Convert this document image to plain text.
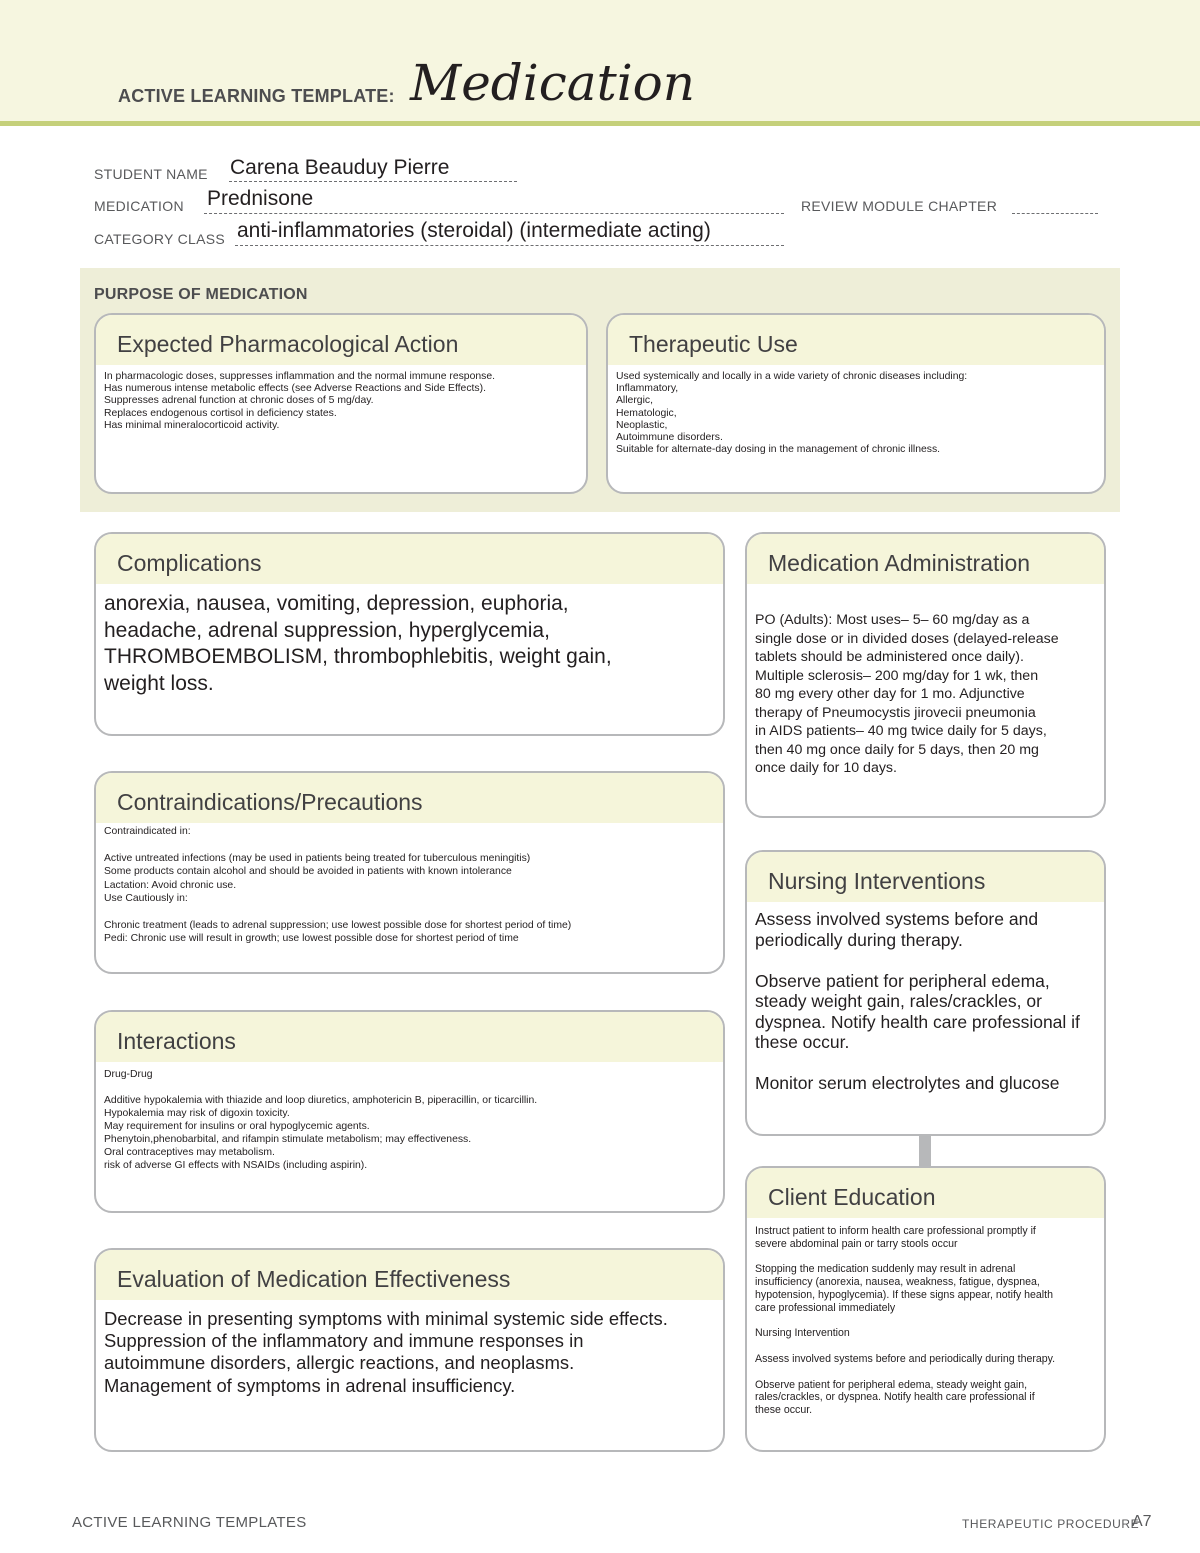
ACTIVE LEARNING TEMPLATE: Medication
STUDENT NAME Carena Beauduy Pierre
MEDICATION Prednisone	REVIEW MODULE CHAPTER
CATEGORY CLASS anti-inflammatories (steroidal) (intermediate acting)
PURPOSE OF MEDICATION
Expected Pharmacological Action
In pharmacologic doses, suppresses inflammation and the normal immune response.
Has numerous intense metabolic effects (see Adverse Reactions and Side Effects).
Suppresses adrenal function at chronic doses of 5 mg/day.
Replaces endogenous cortisol in deficiency states.
Has minimal mineralocorticoid activity.
Therapeutic Use
Used systemically and locally in a wide variety of chronic diseases including:
Inflammatory,
Allergic,
Hematologic,
Neoplastic,
Autoimmune disorders.
Suitable for alternate-day dosing in the management of chronic illness.
Complications
anorexia, nausea, vomiting, depression, euphoria,
headache, adrenal suppression, hyperglycemia,
THROMBOEMBOLISM, thrombophlebitis, weight gain,
weight loss.
Medication Administration
PO (Adults): Most uses– 5– 60 mg/day as a
single dose or in divided doses (delayed-release
tablets should be administered once daily).
Multiple sclerosis– 200 mg/day for 1 wk, then
80 mg every other day for 1 mo. Adjunctive
therapy of Pneumocystis jirovecii pneumonia
in AIDS patients– 40 mg twice daily for 5 days,
then 40 mg once daily for 5 days, then 20 mg
once daily for 10 days.
Contraindications/Precautions
Contraindicated in:

Active untreated infections (may be used in patients being treated for tuberculous meningitis)
Some products contain alcohol and should be avoided in patients with known intolerance
Lactation: Avoid chronic use.
Use Cautiously in:

Chronic treatment (leads to adrenal suppression; use lowest possible dose for shortest period of time)
Pedi: Chronic use will result in growth; use lowest possible dose for shortest period of time
Nursing Interventions
Assess involved systems before and
periodically during therapy.

Observe patient for peripheral edema,
steady weight gain, rales/crackles, or
dyspnea. Notify health care professional if
these occur.

Monitor serum electrolytes and glucose
Interactions
Drug-Drug

Additive hypokalemia with thiazide and loop diuretics, amphotericin B, piperacillin, or ticarcillin.
Hypokalemia may risk of digoxin toxicity.
May requirement for insulins or oral hypoglycemic agents.
Phenytoin,phenobarbital, and rifampin stimulate metabolism; may effectiveness.
Oral contraceptives may metabolism.
risk of adverse GI effects with NSAIDs (including aspirin).
Client Education
Instruct patient to inform health care professional promptly if
severe abdominal pain or tarry stools occur

Stopping the medication suddenly may result in adrenal
insufficiency (anorexia, nausea, weakness, fatigue, dyspnea,
hypotension, hypoglycemia). If these signs appear, notify health
care professional immediately

Nursing Intervention

Assess involved systems before and periodically during therapy.

Observe patient for peripheral edema, steady weight gain,
rales/crackles, or dyspnea. Notify health care professional if
these occur.
Evaluation of Medication Effectiveness
Decrease in presenting symptoms with minimal systemic side effects.
Suppression of the inflammatory and immune responses in
autoimmune disorders, allergic reactions, and neoplasms.
Management of symptoms in adrenal insufficiency.
ACTIVE LEARNING TEMPLATES	THERAPEUTIC PROCEDURE
A7
